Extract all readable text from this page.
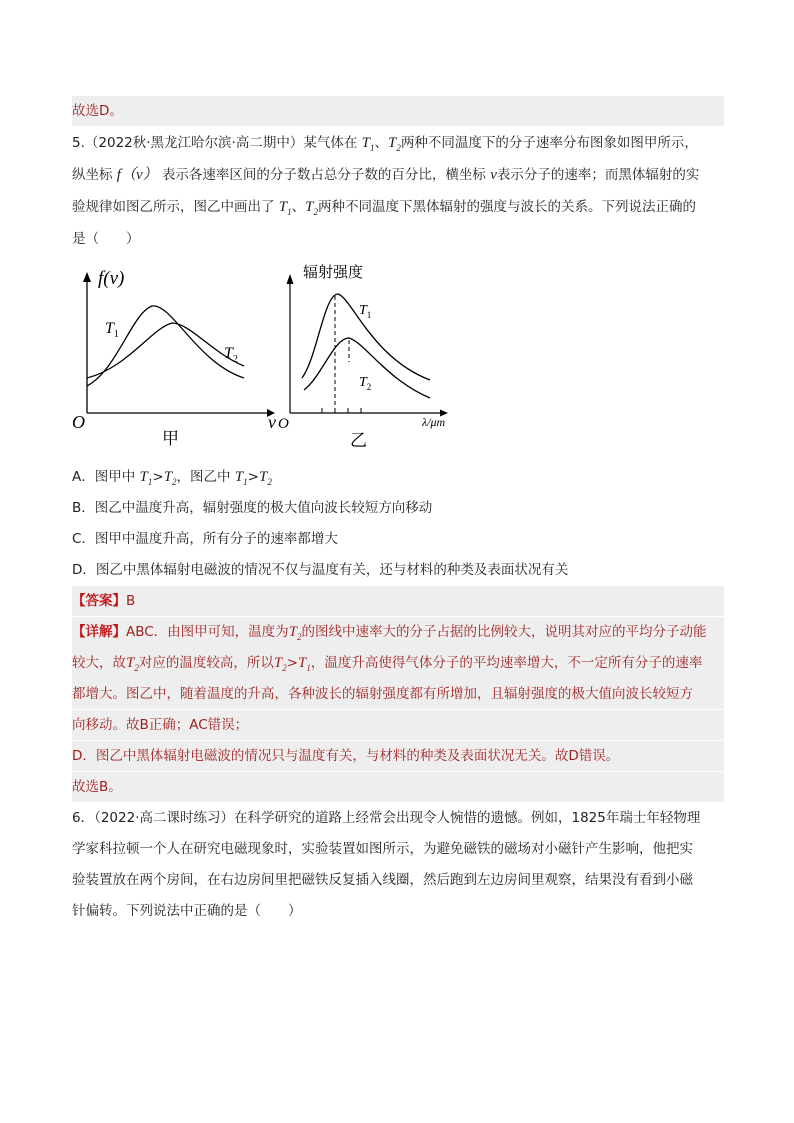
故选D。
5.（2022秋·黑龙江哈尔滨·高二期中）某气体在 $T_1$、$T_2$两种不同温度下的分子速率分布图象如图甲所示，
纵坐标 f（v） 表示各速率区间的分子数占总分子数的百分比，横坐标 v表示分子的速率；而黑体辐射的实
验规律如图乙所示，图乙中画出了 $T_1$、$T_2$两种不同温度下黑体辐射的强度与波长的关系。下列说法正确的
是（　　）
f(v)
O	v
$T_1$
$T_2$
甲
辐射强度
O	λ/μm
$T_1$
$T_2$
乙
A．图甲中 $T_1>T_2$，图乙中 $T_1>T_2$
B．图乙中温度升高，辐射强度的极大值向波长较短方向移动
C．图甲中温度升高，所有分子的速率都增大
D．图乙中黑体辐射电磁波的情况不仅与温度有关，还与材料的种类及表面状况有关
【答案】B
【详解】ABC．由图甲可知，温度为$T_2$的图线中速率大的分子占据的比例较大，说明其对应的平均分子动能
较大，故$T_2$对应的温度较高，所以$T_2>T_1$，温度升高使得气体分子的平均速率增大，不一定所有分子的速率
都增大。图乙中，随着温度的升高，各种波长的辐射强度都有所增加，且辐射强度的极大值向波长较短方
向移动。故B正确；AC错误；
D．图乙中黑体辐射电磁波的情况只与温度有关，与材料的种类及表面状况无关。故D错误。
故选B。
6．（2022·高二课时练习）在科学研究的道路上经常会出现令人惋惜的遗憾。例如，1825年瑞士年轻物理
学家科拉顿一个人在研究电磁现象时，实验装置如图所示，为避免磁铁的磁场对小磁针产生影响，他把实
验装置放在两个房间，在右边房间里把磁铁反复插入线圈，然后跑到左边房间里观察，结果没有看到小磁
针偏转。下列说法中正确的是（　　）
